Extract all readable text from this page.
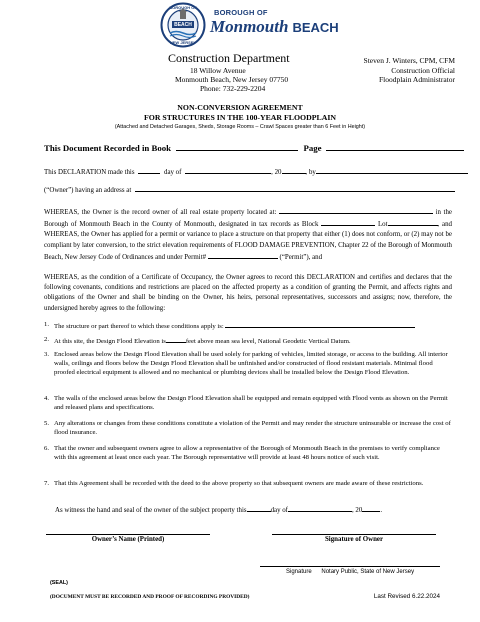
BOROUGH OF
BEACH
NEW JERSEY
BOROUGH OF
Monmouth BEACH
Construction Department
18 Willow Avenue
Monmouth Beach, New Jersey 07750
Phone: 732-229-2204
Steven J. Winters, CPM, CFM
Construction Official
Floodplain Administrator
NON-CONVERSION AGREEMENT
FOR STRUCTURES IN THE 100-YEAR FLOODPLAIN
(Attached and Detached Garages, Sheds, Storage Rooms – Crawl Spaces greater than 6 Feet in Height)
This Document Recorded in Book	Page
This DECLARATION made this	day of	, 20	, by
(“Owner”) having an address at
WHEREAS, the Owner is the record owner of all real estate property located at:	in the Borough of Monmouth Beach in the County of Monmouth, designated in tax records as Block	Lot	, and WHEREAS, the Owner has applied for a permit or variance to place a structure on that property that either (1) does not conform, or (2) may not be compliant by later conversion, to the strict elevation requirements of FLOOD DAMAGE PREVENTION, Chapter 22 of the Borough of Monmouth Beach, New Jersey Code of Ordinances and under Permit#	(“Permit”), and
WHEREAS, as the condition of a Certificate of Occupancy, the Owner agrees to record this DECLARATION and certifies and declares that the following covenants, conditions and restrictions are placed on the affected property as a condition of granting the Permit, and affects rights and obligations of the Owner and shall be binding on the Owner, his heirs, personal representatives, successors and assigns; now, therefore, the undersigned hereby agrees to the following:
1. The structure or part thereof to which these conditions apply is:
2. At this site, the Design Flood Elevation is	feet above mean sea level, National Geodetic Vertical Datum.
3. Enclosed areas below the Design Flood Elevation shall be used solely for parking of vehicles, limited storage, or access to the building. All interior walls, ceilings and floors below the Design Flood Elevation shall be unfinished and/or constructed of flood resistant materials. Minimal flood proofed electrical equipment is allowed and no mechanical or plumbing devices shall be installed below the Design Flood Elevation.
4. The walls of the enclosed areas below the Design Flood Elevation shall be equipped and remain equipped with Flood vents as shown on the Permit and released plans and specifications.
5. Any alterations or changes from these conditions constitute a violation of the Permit and may render the structure uninsurable or increase the cost of flood insurance.
6. That the owner and subsequent owners agree to allow a representative of the Borough of Monmouth Beach in the premises to verify compliance with this agreement at least once each year. The Borough representative will provide at least 48 hours notice of such visit.
7. That this Agreement shall be recorded with the deed to the above property so that subsequent owners are made aware of these restrictions.
As witness the hand and seal of the owner of the subject property this	day of	, 20	.
Owner’s Name (Printed)	Signature of Owner
Signature Notary Public, State of New Jersey
(SEAL)
(DOCUMENT MUST BE RECORDED AND PROOF OF RECORDING PROVIDED)	Last Revised 6.22.2024
